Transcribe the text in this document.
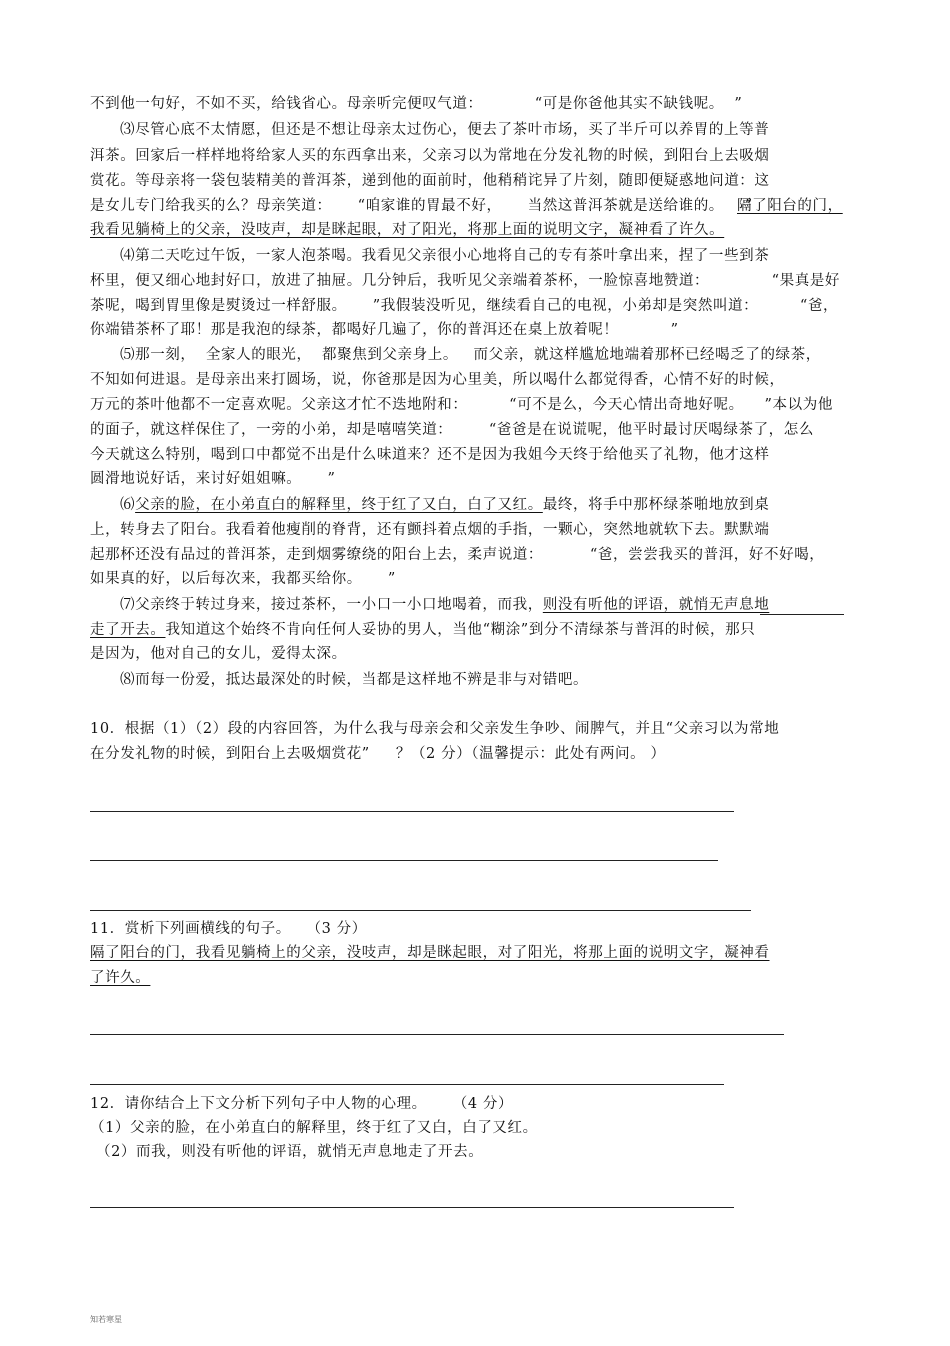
不到他一句好，不如不买，给钱省心。母亲听完便叹气道：          “可是你爸他其实不缺钱呢。  ”
⑶尽管心底不太情愿，但还是不想让母亲太过伤心，便去了茶叶市场，买了半斤可以养胃的上等普
洱茶。回家后一样样地将给家人买的东西拿出来，父亲习以为常地在分发礼物的时候，到阳台上去吸烟
赏花。等母亲将一袋包装精美的普洱茶，递到他的面前时，他稍稍诧异了片刻，随即便疑惑地问道：这
是女儿专门给我买的么？母亲笑道：     “咱家谁的胃最不好，     当然这普洱茶就是送给谁的。    ”
隔了阳台的门，
我看见躺椅上的父亲，没吱声，却是眯起眼，对了阳光，将那上面的说明文字，凝神看了许久。
⑷第二天吃过午饭，一家人泡茶喝。我看见父亲很小心地将自己的专有茶叶拿出来，捏了一些到茶
杯里，便又细心地封好口，放进了抽屉。几分钟后，我听见父亲端着茶杯，一脸惊喜地赞道：            “果真是好
茶呢，喝到胃里像是熨烫过一样舒服。     ”我假装没听见，继续看自己的电视，小弟却是突然叫道：        “爸，
你端错茶杯了耶！那是我泡的绿茶，都喝好几遍了，你的普洱还在桌上放着呢！          ”
⑸那一刻，  全家人的眼光，  都聚焦到父亲身上。   而父亲，就这样尴尬地端着那杯已经喝乏了的绿茶，
不知如何进退。是母亲出来打圆场，说，你爸那是因为心里美，所以喝什么都觉得香，心情不好的时候，
万元的茶叶他都不一定喜欢呢。父亲这才忙不迭地附和：        “可不是么，今天心情出奇地好呢。    ”本以为他
的面子，就这样保住了，一旁的小弟，却是嘻嘻笑道：       “爸爸是在说谎呢，他平时最讨厌喝绿茶了，怎么
今天就这么特别，喝到口中都觉不出是什么味道来？还不是因为我姐今天终于给他买了礼物，他才这样
圆滑地说好话，来讨好姐姐嘛。     ”
⑹父亲的脸，在小弟直白的解释里，终于红了又白，白了又红。最终，将手中那杯绿茶啪地放到桌
上，转身去了阳台。我看着他瘦削的脊背，还有颤抖着点烟的手指，一颗心，突然地就软下去。默默端
起那杯还没有品过的普洱茶，走到烟雾缭绕的阳台上去，柔声说道：         “爸，尝尝我买的普洱，好不好喝，
如果真的好，以后每次来，我都买给你。     ”
⑺父亲终于转过身来，接过茶杯，一小口一小口地喝着，而我，则没有听他的评语，就悄无声息地
走了开去。我知道这个始终不肯向任何人妥协的男人，当他“糊涂”到分不清绿茶与普洱的时候，那只
是因为，他对自己的女儿，爱得太深。
⑻而每一份爱，抵达最深处的时候，当都是这样地不辨是非与对错吧。
10．根据（1）（2）段的内容回答，为什么我与母亲会和父亲发生争吵、闹脾气，并且“父亲习以为常地
在分发礼物的时候，到阳台上去吸烟赏花”     ？（2 分）（温馨提示：此处有两问。 ）
11．赏析下列画横线的句子。   （3 分）
隔了阳台的门，我看见躺椅上的父亲，没吱声，却是眯起眼，对了阳光，将那上面的说明文字，凝神看
了许久。
12．请你结合上下文分析下列句子中人物的心理。     （4 分）
（1）父亲的脸，在小弟直白的解释里，终于红了又白，白了又红。
（2）而我，则没有听他的评语，就悄无声息地走了开去。
知若寒星
